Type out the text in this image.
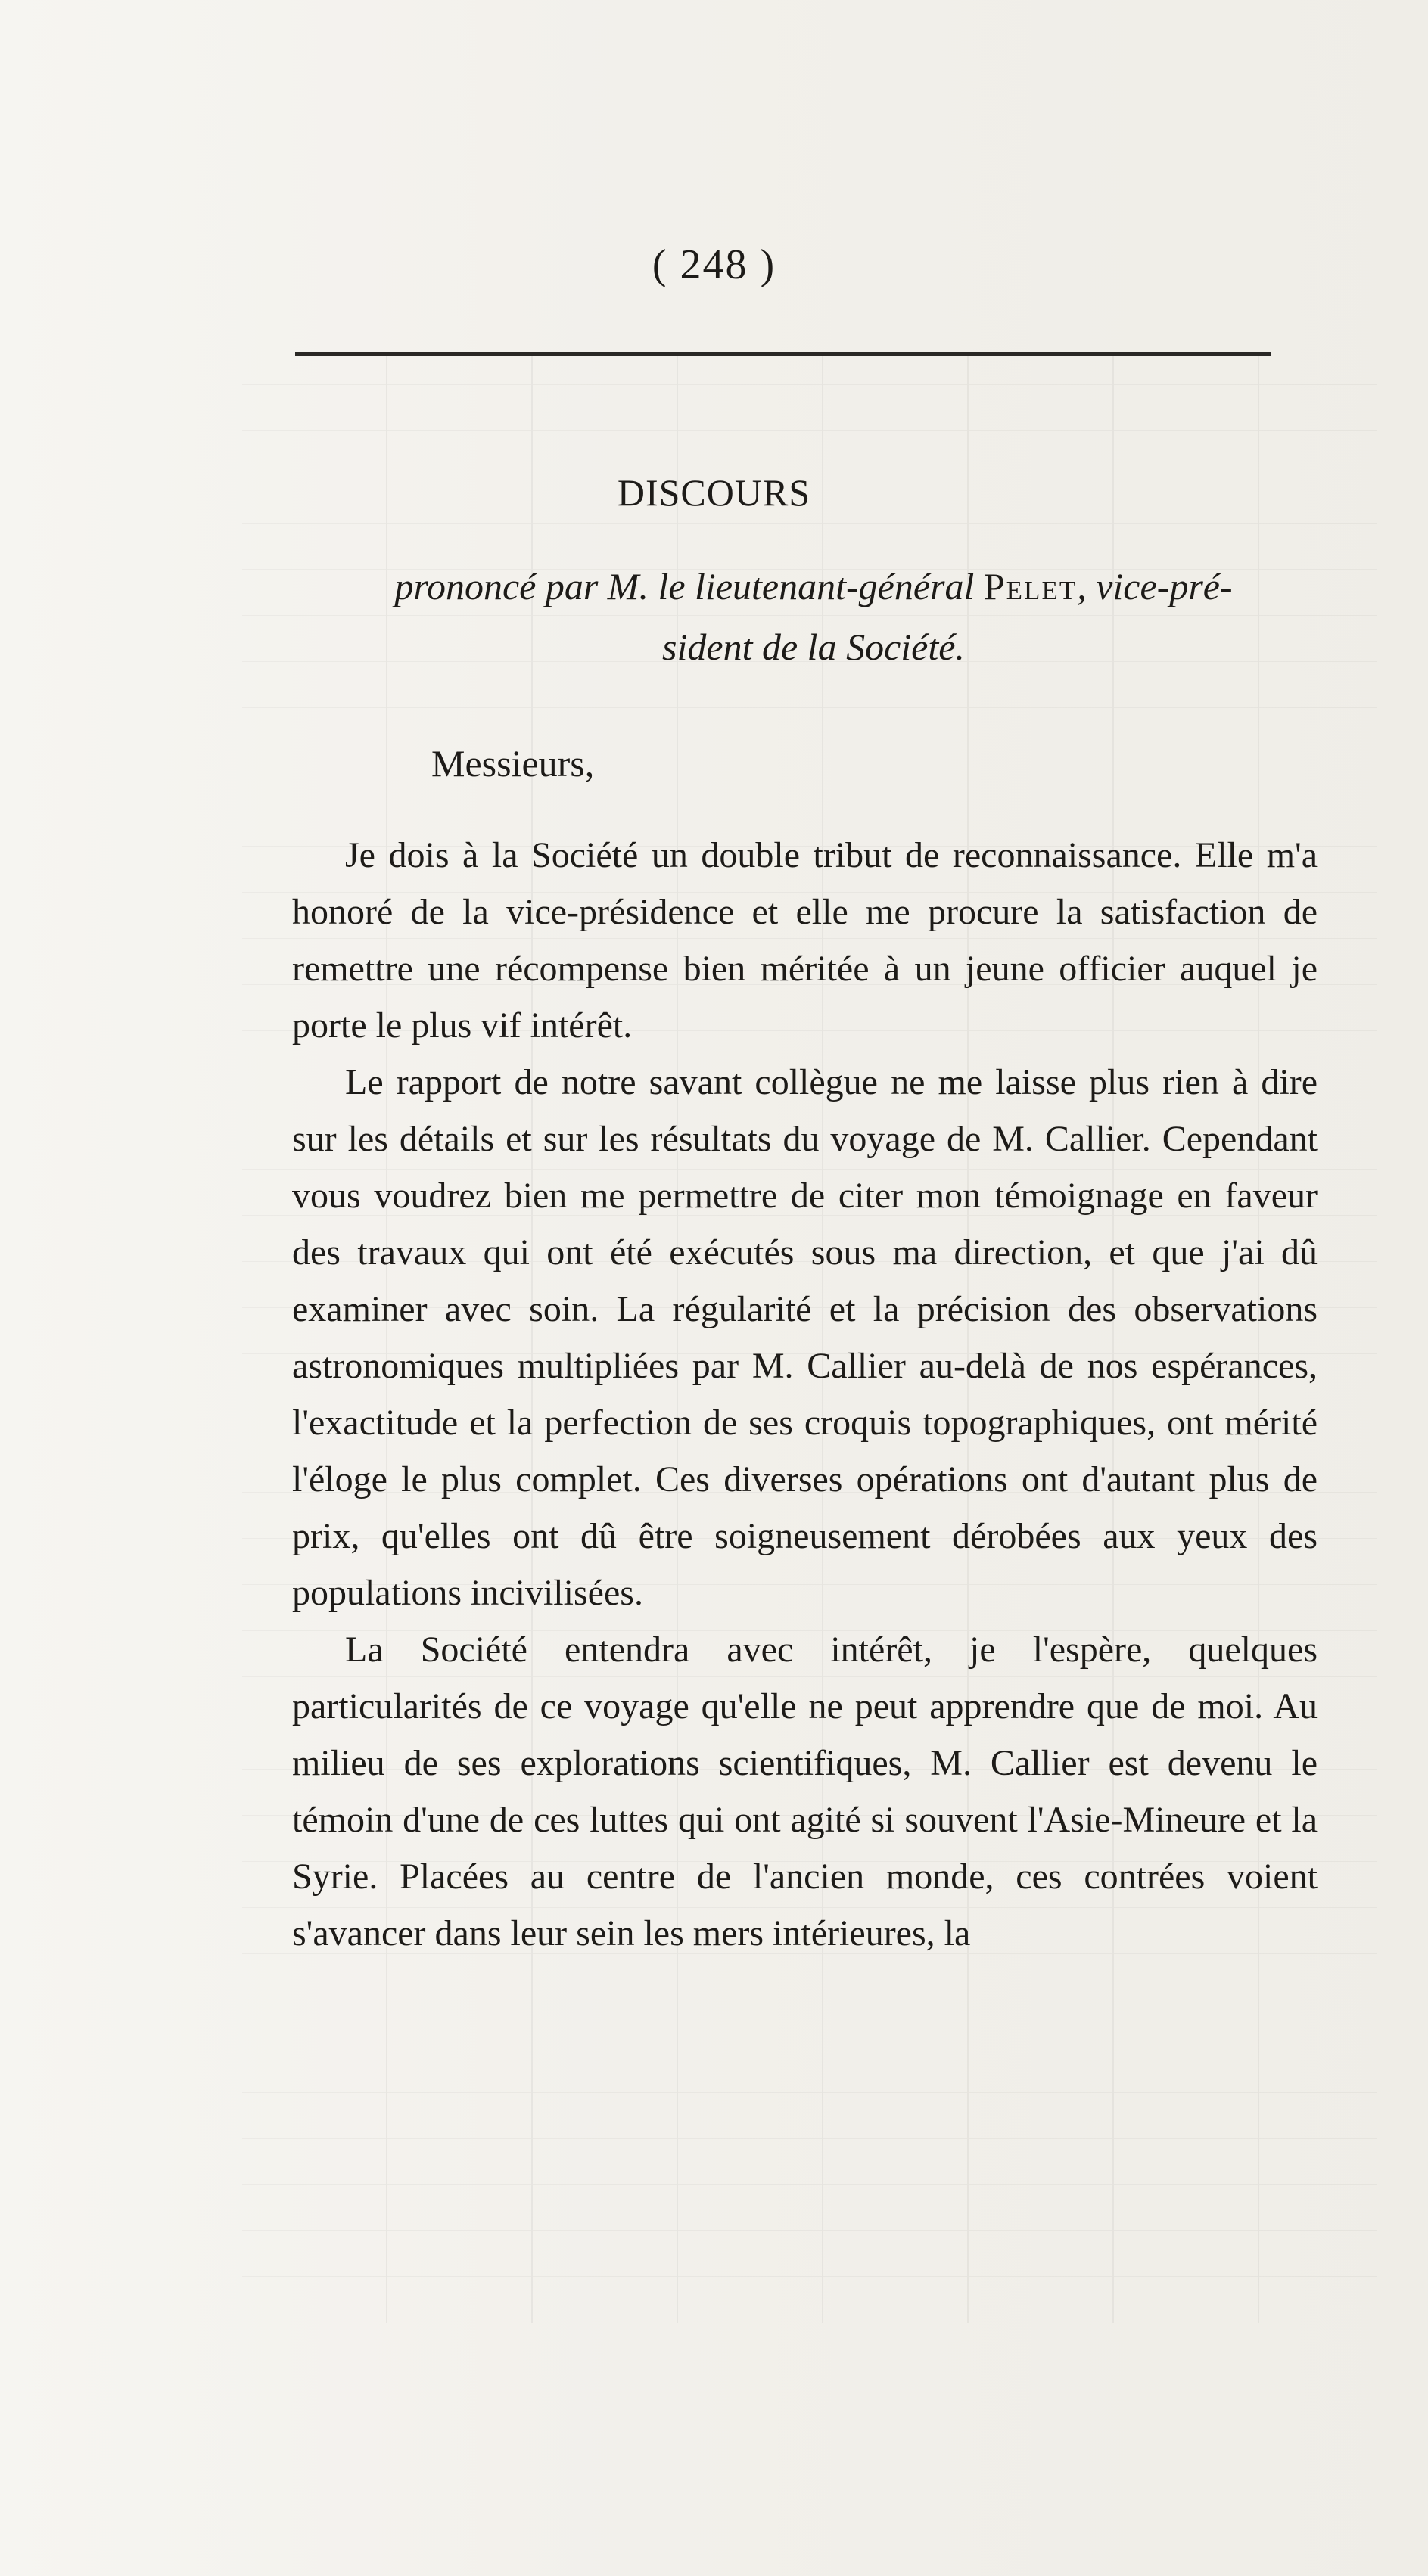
( 248 )
DISCOURS
prononcé par M. le lieutenant-général Pelet, vice-pré-
sident de la Société.
Messieurs,

Je dois à la Société un double tribut de reconnaissance. Elle m'a honoré de la vice-présidence et elle me procure la satisfaction de remettre une récompense bien méritée à un jeune officier auquel je porte le plus vif intérêt.

Le rapport de notre savant collègue ne me laisse plus rien à dire sur les détails et sur les résultats du voyage de M. Callier. Cependant vous voudrez bien me permettre de citer mon témoignage en faveur des travaux qui ont été exécutés sous ma direction, et que j'ai dû examiner avec soin. La régularité et la précision des observations astronomiques multipliées par M. Callier au-delà de nos espérances, l'exactitude et la perfection de ses croquis topographiques, ont mérité l'éloge le plus complet. Ces diverses opérations ont d'autant plus de prix, qu'elles ont dû être soigneusement dérobées aux yeux des populations incivilisées.

La Société entendra avec intérêt, je l'espère, quelques particularités de ce voyage qu'elle ne peut apprendre que de moi. Au milieu de ses explorations scientifiques, M. Callier est devenu le témoin d'une de ces luttes qui ont agité si souvent l'Asie-Mineure et la Syrie. Placées au centre de l'ancien monde, ces contrées voient s'avancer dans leur sein les mers intérieures, la
